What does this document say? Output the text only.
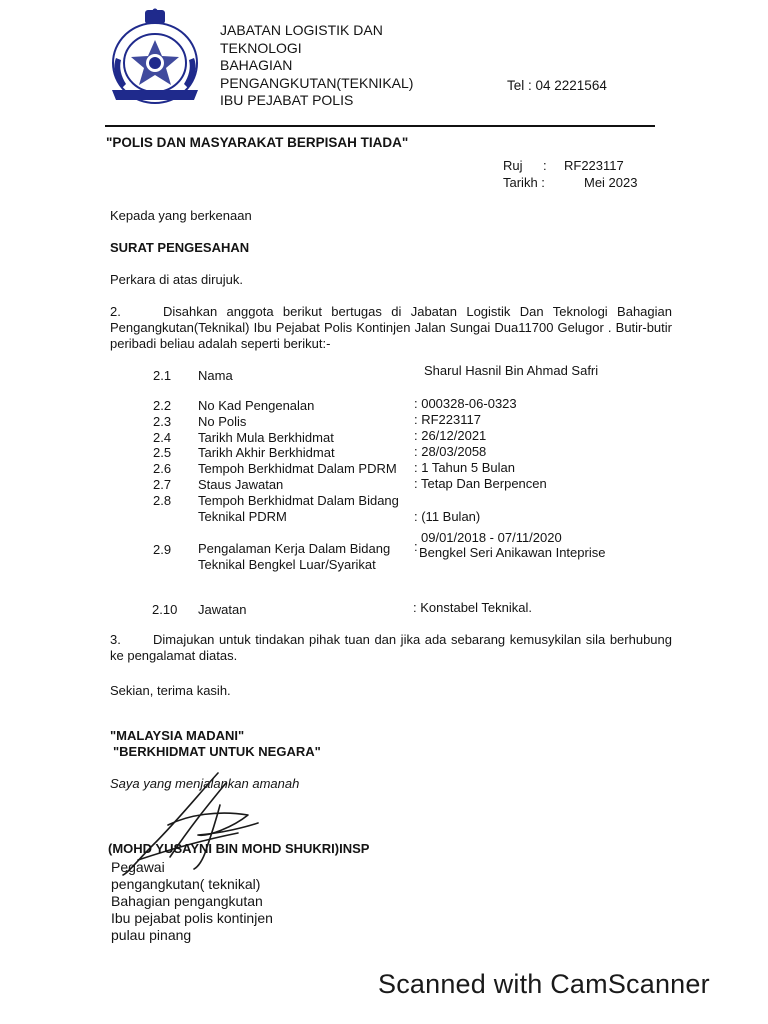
JABATAN LOGISTIK DAN
TEKNOLOGI
BAHAGIAN
PENGANGKUTAN(TEKNIKAL)
IBU PEJABAT POLIS
Tel : 04 2221564
"POLIS DAN MASYARAKAT BERPISAH TIADA"
Ruj : RF223117
Tarikh :	Mei 2023
Kepada yang berkenaan
SURAT PENGESAHAN
Perkara di atas dirujuk.
2.	Disahkan anggota berikut bertugas di Jabatan Logistik Dan Teknologi Bahagian Pengangkutan(Teknikal) Ibu Pejabat Polis Kontinjen Jalan Sungai Dua11700 Gelugor . Butir-butir peribadi beliau adalah seperti berikut:-
2.1 Nama	Sharul Hasnil Bin Ahmad Safri
2.2 No Kad Pengenalan	: 000328-06-0323
2.3 No Polis	: RF223117
2.4 Tarikh Mula Berkhidmat	: 26/12/2021
2.5 Tarikh Akhir Berkhidmat	: 28/03/2058
2.6 Tempoh Berkhidmat Dalam PDRM : 1 Tahun 5 Bulan
2.7 Staus Jawatan	: Tetap Dan Berpencen
2.8 Tempoh Berkhidmat Dalam Bidang
Teknikal PDRM	: (11 Bulan)
2.9 Pengalaman Kerja Dalam Bidang
Teknikal Bengkel Luar/Syarikat
:
09/01/2018 - 07/11/2020
Bengkel Seri Anikawan Inteprise
2.10 Jawatan	: Konstabel Teknikal.
3.	Dimajukan untuk tindakan pihak tuan dan jika ada sebarang kemusykilan sila berhubung ke pengalamat diatas.
Sekian, terima kasih.
"MALAYSIA MADANI"
"BERKHIDMAT UNTUK NEGARA"
Saya yang menjalankan amanah
(MOHD YUSAYNI BIN MOHD SHUKRI)INSP
Pegawai
pengangkutan( teknikal)
Bahagian pengangkutan
Ibu pejabat polis kontinjen
pulau pinang
Scanned with CamScanner
